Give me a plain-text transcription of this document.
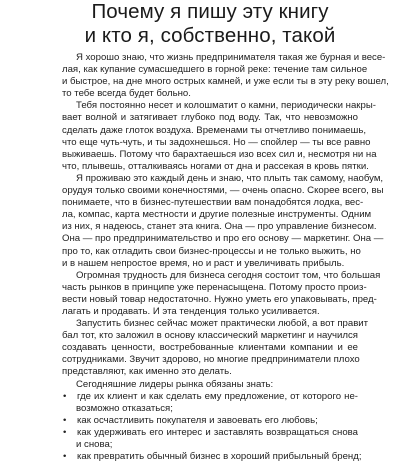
Почему я пишу эту книгу
и кто я, собственно, такой
Я хорошо знаю, что жизнь предпринимателя такая же бурная и весе-
лая, как купание сумасшедшего в горной реке: течение там сильное
и быстрое, на дне много острых камней, и уже если ты в эту реку вошел,
то тебе всегда будет больно.
Тебя постоянно несет и колошматит о камни, периодически накры-
вает волной и затягивает глубоко под воду. Так, что невозможно
сделать даже глоток воздуха. Временами ты отчетливо понимаешь,
что еще чуть-чуть, и ты задохнешься. Но — спойлер — ты все равно
выживаешь. Потому что барахтаешься изо всех сил и, несмотря ни на
что, плывешь, отталкиваясь ногами от дна и рассекая в кровь пятки.
Я проживаю это каждый день и знаю, что плыть так самому, наобум,
орудуя только своими конечностями, — очень опасно. Скорее всего, вы
понимаете, что в бизнес-путешествии вам понадобятся лодка, вес-
ла, компас, карта местности и другие полезные инструменты. Одним
из них, я надеюсь, станет эта книга. Она — про управление бизнесом.
Она — про предпринимательство и про его основу — маркетинг. Она —
про то, как отладить свои бизнес-процессы и не только выжить, но
и в нашем непростое время, но и раст и увеличивать прибыль.
Огромная трудность для бизнеса сегодня состоит том, что большая
часть рынков в принципе уже перенасыщена. Потому просто произ-
вести новый товар недостаточно. Нужно уметь его упаковывать, пред-
лагать и продавать. И эта тенденция только усиливается.
Запустить бизнес сейчас может практически любой, а вот правит
бал тот, кто заложил в основу классический маркетинг и научился
создавать ценности, востребованные клиентами компании и ее
сотрудниками. Звучит здорово, но многие предприниматели плохо
представляют, как именно это делать.
Сегодняшние лидеры рынка обязаны знать:
•	где их клиент и как сделать ему предложение, от которого не-
возможно отказаться;
•	как осчастливить покупателя и завоевать его любовь;
•	как удерживать его интерес и заставлять возвращаться снова
и снова;
•	как превратить обычный бизнес в хороший прибыльный бренд;
